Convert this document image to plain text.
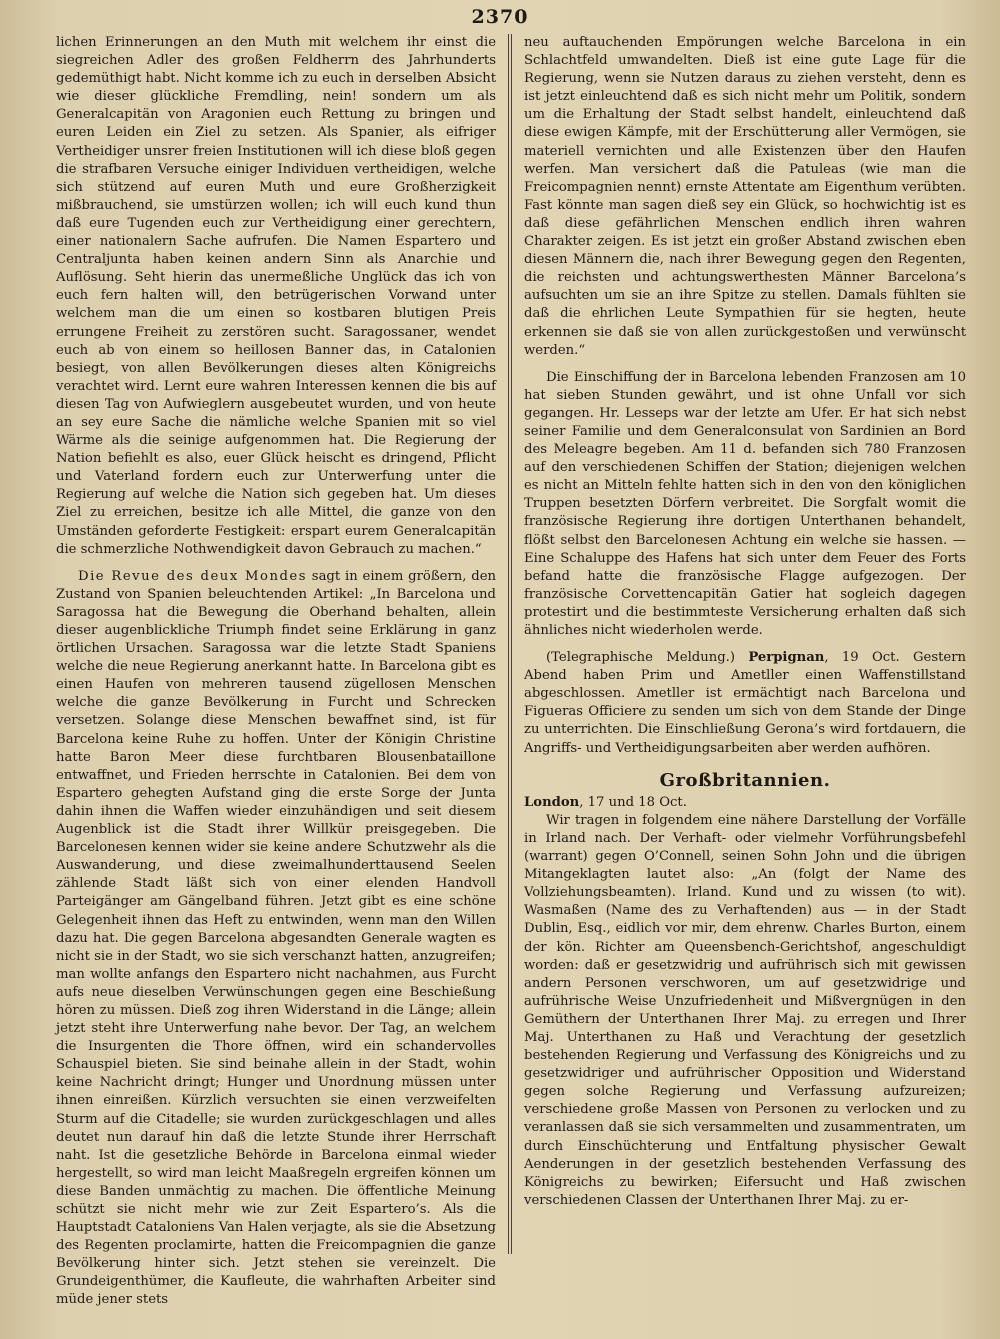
2370

lichen Erinnerungen an den Muth mit welchem ihr einst die siegreichen Adler des großen Feldherrn des Jahrhunderts gedemüthigt habt. Nicht komme ich zu euch in derselben Absicht wie dieser glückliche Fremdling, nein! sondern um als Generalcapitän von Aragonien euch Rettung zu bringen und euren Leiden ein Ziel zu setzen. Als Spanier, als eifriger Vertheidiger unsrer freien Institutionen will ich diese bloß gegen die strafbaren Versuche einiger Individuen vertheidigen, welche sich stützend auf euren Muth und eure Großherzigkeit mißbrauchend, sie umstürzen wollen; ich will euch kund thun daß eure Tugenden euch zur Vertheidigung einer gerechtern, einer nationalern Sache aufrufen. Die Namen Espartero und Centraljunta haben keinen andern Sinn als Anarchie und Auflösung. Seht hierin das unermeßliche Unglück das ich von euch fern halten will, den betrügerischen Vorwand unter welchem man die um einen so kostbaren blutigen Preis errungene Freiheit zu zerstören sucht. Saragossaner, wendet euch ab von einem so heillosen Banner das, in Catalonien besiegt, von allen Bevölkerungen dieses alten Königreichs verachtet wird. Lernt eure wahren Interessen kennen die bis auf diesen Tag von Aufwieglern ausgebeutet wurden, und von heute an sey eure Sache die nämliche welche Spanien mit so viel Wärme als die seinige aufgenommen hat. Die Regierung der Nation befiehlt es also, euer Glück heischt es dringend, Pflicht und Vaterland fordern euch zur Unterwerfung unter die Regierung auf welche die Nation sich gegeben hat. Um dieses Ziel zu erreichen, besitze ich alle Mittel, die ganze von den Umständen geforderte Festigkeit: erspart eurem Generalcapitän die schmerzliche Nothwendigkeit davon Gebrauch zu machen.“

Die Revue des deux Mondes sagt in einem größern, den Zustand von Spanien beleuchtenden Artikel: „In Barcelona und Saragossa hat die Bewegung die Oberhand behalten, allein dieser augenblickliche Triumph findet seine Erklärung in ganz örtlichen Ursachen. Saragossa war die letzte Stadt Spaniens welche die neue Regierung anerkannt hatte. In Barcelona gibt es einen Haufen von mehreren tausend zügellosen Menschen welche die ganze Bevölkerung in Furcht und Schrecken versetzen. Solange diese Menschen bewaffnet sind, ist für Barcelona keine Ruhe zu hoffen. Unter der Königin Christine hatte Baron Meer diese furchtbaren Blousenbataillone entwaffnet, und Frieden herrschte in Catalonien. Bei dem von Espartero gehegten Aufstand ging die erste Sorge der Junta dahin ihnen die Waffen wieder einzuhändigen und seit diesem Augenblick ist die Stadt ihrer Willkür preisgegeben. Die Barcelonesen kennen wider sie keine andere Schutzwehr als die Auswanderung, und diese zweimalhunderttausend Seelen zählende Stadt läßt sich von einer elenden Handvoll Parteigänger am Gängelband führen. Jetzt gibt es eine schöne Gelegenheit ihnen das Heft zu entwinden, wenn man den Willen dazu hat. Die gegen Barcelona abgesandten Generale wagten es nicht sie in der Stadt, wo sie sich verschanzt hatten, anzugreifen; man wollte anfangs den Espartero nicht nachahmen, aus Furcht aufs neue dieselben Verwünschungen gegen eine Beschießung hören zu müssen. Dieß zog ihren Widerstand in die Länge; allein jetzt steht ihre Unterwerfung nahe bevor. Der Tag, an welchem die Insurgenten die Thore öffnen, wird ein schandervolles Schauspiel bieten. Sie sind beinahe allein in der Stadt, wohin keine Nachricht dringt; Hunger und Unordnung müssen unter ihnen einreißen. Kürzlich versuchten sie einen verzweifelten Sturm auf die Citadelle; sie wurden zurückgeschlagen und alles deutet nun darauf hin daß die letzte Stunde ihrer Herrschaft naht. Ist die gesetzliche Behörde in Barcelona einmal wieder hergestellt, so wird man leicht Maaßregeln ergreifen können um diese Banden unmächtig zu machen. Die öffentliche Meinung schützt sie nicht mehr wie zur Zeit Espartero’s. Als die Hauptstadt Cataloniens Van Halen verjagte, als sie die Absetzung des Regenten proclamirte, hatten die Freicompagnien die ganze Bevölkerung hinter sich. Jetzt stehen sie vereinzelt. Die Grundeigenthümer, die Kaufleute, die wahrhaften Arbeiter sind müde jener stets

neu auftauchenden Empörungen welche Barcelona in ein Schlachtfeld umwandelten. Dieß ist eine gute Lage für die Regierung, wenn sie Nutzen daraus zu ziehen versteht, denn es ist jetzt einleuchtend daß es sich nicht mehr um Politik, sondern um die Erhaltung der Stadt selbst handelt, einleuchtend daß diese ewigen Kämpfe, mit der Erschütterung aller Vermögen, sie materiell vernichten und alle Existenzen über den Haufen werfen. Man versichert daß die Patuleas (wie man die Freicompagnien nennt) ernste Attentate am Eigenthum verübten. Fast könnte man sagen dieß sey ein Glück, so hochwichtig ist es daß diese gefährlichen Menschen endlich ihren wahren Charakter zeigen. Es ist jetzt ein großer Abstand zwischen eben diesen Männern die, nach ihrer Bewegung gegen den Regenten, die reichsten und achtungswerthesten Männer Barcelona’s aufsuchten um sie an ihre Spitze zu stellen. Damals fühlten sie daß die ehrlichen Leute Sympathien für sie hegten, heute erkennen sie daß sie von allen zurückgestoßen und verwünscht werden.“

Die Einschiffung der in Barcelona lebenden Franzosen am 10 hat sieben Stunden gewährt, und ist ohne Unfall vor sich gegangen. Hr. Lesseps war der letzte am Ufer. Er hat sich nebst seiner Familie und dem Generalconsulat von Sardinien an Bord des Meleagre begeben. Am 11 d. befanden sich 780 Franzosen auf den verschiedenen Schiffen der Station; diejenigen welchen es nicht an Mitteln fehlte hatten sich in den von den königlichen Truppen besetzten Dörfern verbreitet. Die Sorgfalt womit die französische Regierung ihre dortigen Unterthanen behandelt, flößt selbst den Barcelonesen Achtung ein welche sie hassen. — Eine Schaluppe des Hafens hat sich unter dem Feuer des Forts befand hatte die französische Flagge aufgezogen. Der französische Corvettencapitän Gatier hat sogleich dagegen protestirt und die bestimmteste Versicherung erhalten daß sich ähnliches nicht wiederholen werde.

(Telegraphische Meldung.) Perpignan, 19 Oct. Gestern Abend haben Prim und Ametller einen Waffenstillstand abgeschlossen. Ametller ist ermächtigt nach Barcelona und Figueras Officiere zu senden um sich von dem Stande der Dinge zu unterrichten. Die Einschließung Gerona’s wird fortdauern, die Angriffs- und Vertheidigungsarbeiten aber werden aufhören.

Großbritannien.

London, 17 und 18 Oct.

Wir tragen in folgendem eine nähere Darstellung der Vorfälle in Irland nach. Der Verhaft- oder vielmehr Vorführungsbefehl (warrant) gegen O’Connell, seinen Sohn John und die übrigen Mitangeklagten lautet also: „An (folgt der Name des Vollziehungsbeamten). Irland. Kund und zu wissen (to wit). Wasmaßen (Name des zu Verhaftenden) aus — in der Stadt Dublin, Esq., eidlich vor mir, dem ehrenw. Charles Burton, einem der kön. Richter am Queensbench-Gerichtshof, angeschuldigt worden: daß er gesetzwidrig und aufrührisch sich mit gewissen andern Personen verschworen, um auf gesetzwidrige und aufrührische Weise Unzufriedenheit und Mißvergnügen in den Gemüthern der Unterthanen Ihrer Maj. zu erregen und Ihrer Maj. Unterthanen zu Haß und Verachtung der gesetzlich bestehenden Regierung und Verfassung des Königreichs und zu gesetzwidriger und aufrührischer Opposition und Widerstand gegen solche Regierung und Verfassung aufzureizen; verschiedene große Massen von Personen zu verlocken und zu veranlassen daß sie sich versammelten und zusammentraten, um durch Einschüchterung und Entfaltung physischer Gewalt Aenderungen in der gesetzlich bestehenden Verfassung des Königreichs zu bewirken; Eifersucht und Haß zwischen verschiedenen Classen der Unterthanen Ihrer Maj. zu er-
